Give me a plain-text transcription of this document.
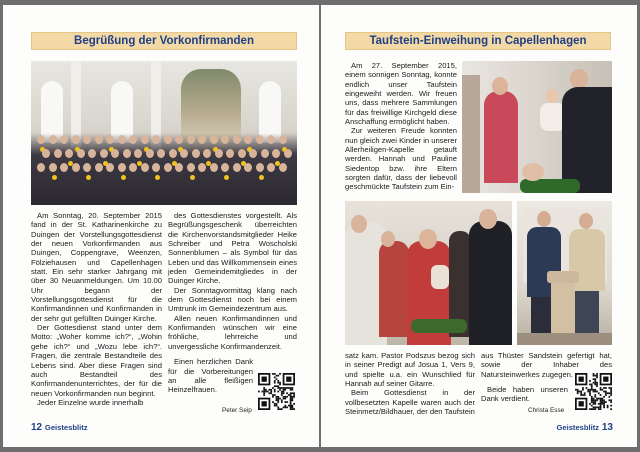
Begrüßung der Vorkonfirmanden

Am Sonntag, 20. September 2015 fand in der St. Katharinenkirche zu Duingen der Vorstellungsgottesdienst der neuen Vorkonfirmanden aus Duingen, Coppengrave, Weenzen, Fölziehausen und Capellenhagen statt. Ein sehr starker Jahrgang mit über 30 Neuanmeldungen. Um 10.00 Uhr begann der Vorstellungsgottesdienst für die Konfirmandinnen und Konfirmanden in der sehr gut gefüllten Duinger Kirche.

Der Gottesdienst stand unter dem Motto: „Woher komme ich?“, „Wohin gehe ich?“ und „Wozu lebe ich?“. Fragen, die zentrale Bestandteile des Lebens sind. Aber diese Fragen sind auch Bestandteil des Konfirmandenunterrichtes, der für die neuen Vorkonfirmanden nun beginnt.

Jeder Einzelne wurde innerhalb

des Gottesdienstes vorgestellt. Als Begrüßungsgeschenk überreichten die Kirchenvorstandsmitglieder Heike Schreiber und Petra Woscholski Sonnenblumen – als Symbol für das Leben und das Willkommensein eines jeden Gemeindemitgliedes in der Duinger Kirche.

Der Sonntagvormittag klang nach dem Gottesdienst noch bei einem Umtrunk im Gemeindezentrum aus.

Allen neuen Konfirmandinnen und Konfirmanden wünschen wir eine fröhliche, lehrreiche und unvergessliche Konfirmandenzeit.

Einen herzlichen Dank für die Vorbereitungen an alle fleißigen Heinzelfrauen.

Peter Seip
12 Geistesblitz
Taufstein-Einweihung in Capellenhagen

Am 27. September 2015, einem sonnigen Sonntag, konnte endlich unser Taufstein eingeweiht werden. Wir freuen uns, dass mehrere Sammlungen für das freiwillige Kirchgeld diese Anschaffung ermöglicht haben.

Zur weiteren Freude konnten nun gleich zwei Kinder in unserer Allerheiligen-Kapelle getauft werden. Hannah und Pauline Siedentop bzw. ihre Eltern sorgten dafür, dass der liebevoll geschmückte Taufstein zum Ein-

satz kam. Pastor Podszus bezog sich in seiner Predigt auf Josua 1, Vers 9, und spielte u.a. ein Wunschlied für Hannah auf seiner Gitarre.

Beim Gottesdienst in der vollbesetzten Kapelle waren auch der Steinmetz/Bildhauer, der den Taufstein

aus Thüster Sandstein gefertigt hat, sowie der Inhaber des Natursteinwerkes zugegen.

Beide haben unseren Dank verdient.

Christa Esse
Geistesblitz 13
